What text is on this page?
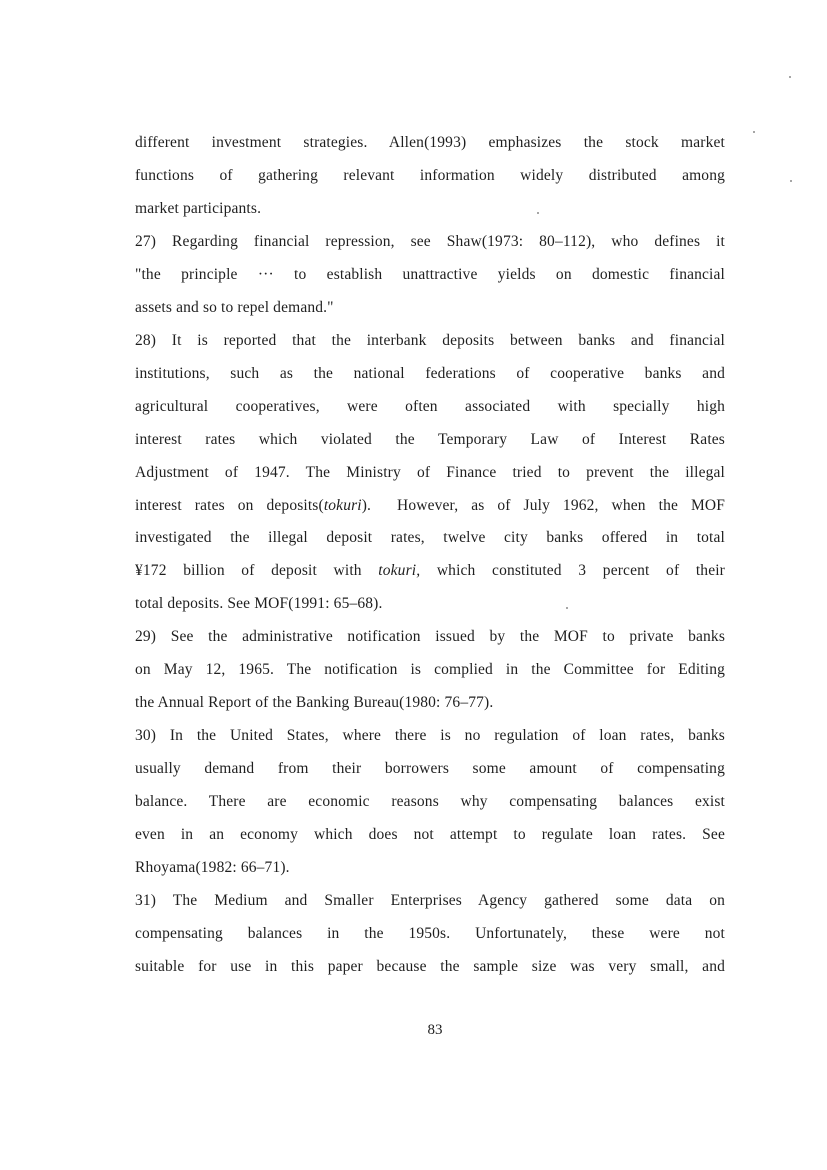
different investment strategies. Allen(1993) emphasizes the stock market
functions of gathering relevant information widely distributed among
market participants.
27) Regarding financial repression, see Shaw(1973: 80–112), who defines it
"the principle ··· to establish unattractive yields on domestic financial
assets and so to repel demand."
28) It is reported that the interbank deposits between banks and financial
institutions, such as the national federations of cooperative banks and
agricultural cooperatives, were often associated with specially high
interest rates which violated the Temporary Law of Interest Rates
Adjustment of 1947. The Ministry of Finance tried to prevent the illegal
interest rates on deposits(tokuri).  However, as of July 1962, when the MOF
investigated the illegal deposit rates, twelve city banks offered in total
¥172 billion of deposit with tokuri, which constituted 3 percent of their
total deposits. See MOF(1991: 65–68).
29) See the administrative notification issued by the MOF to private banks
on May 12, 1965. The notification is complied in the Committee for Editing
the Annual Report of the Banking Bureau(1980: 76–77).
30) In the United States, where there is no regulation of loan rates, banks
usually demand from their borrowers some amount of compensating
balance. There are economic reasons why compensating balances exist
even in an economy which does not attempt to regulate loan rates. See
Rhoyama(1982: 66–71).
31) The Medium and Smaller Enterprises Agency gathered some data on
compensating balances in the 1950s. Unfortunately, these were not
suitable for use in this paper because the sample size was very small, and
83
